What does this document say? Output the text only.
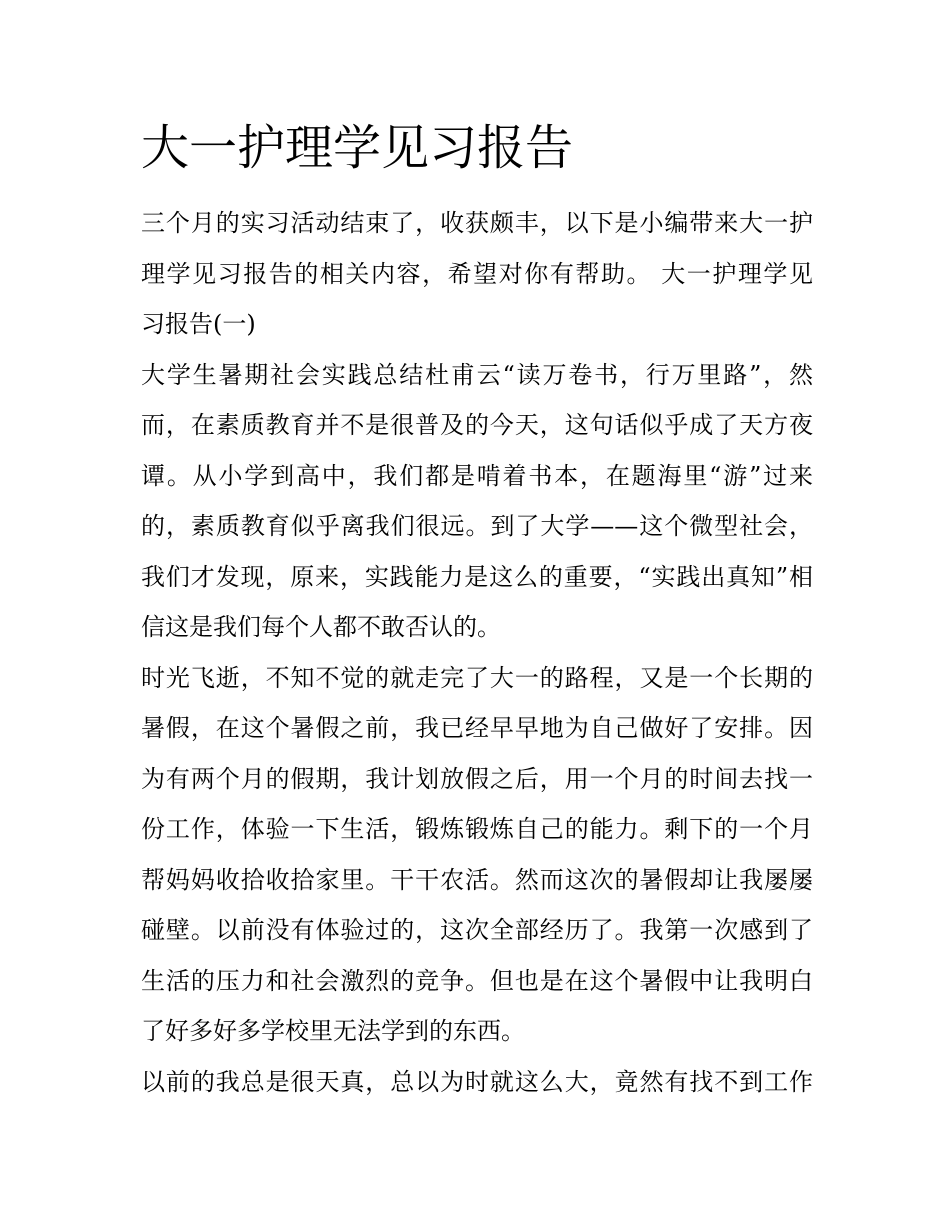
大一护理学见习报告

三个月的实习活动结束了，收获颇丰，以下是小编带来大一护
理学见习报告的相关内容，希望对你有帮助。 大一护理学见
习报告(一)

大学生暑期社会实践总结杜甫云“读万卷书，行万里路”，然
而，在素质教育并不是很普及的今天，这句话似乎成了天方夜
谭。从小学到高中，我们都是啃着书本，在题海里“游”过来
的，素质教育似乎离我们很远。到了大学——这个微型社会，
我们才发现，原来，实践能力是这么的重要，“实践出真知”相
信这是我们每个人都不敢否认的。

时光飞逝，不知不觉的就走完了大一的路程，又是一个长期的
暑假，在这个暑假之前，我已经早早地为自己做好了安排。因
为有两个月的假期，我计划放假之后，用一个月的时间去找一
份工作，体验一下生活，锻炼锻炼自己的能力。剩下的一个月
帮妈妈收拾收拾家里。干干农活。然而这次的暑假却让我屡屡
碰壁。以前没有体验过的，这次全部经历了。我第一次感到了
生活的压力和社会激烈的竞争。但也是在这个暑假中让我明白
了好多好多学校里无法学到的东西。

以前的我总是很天真，总以为时就这么大，竟然有找不到工作
